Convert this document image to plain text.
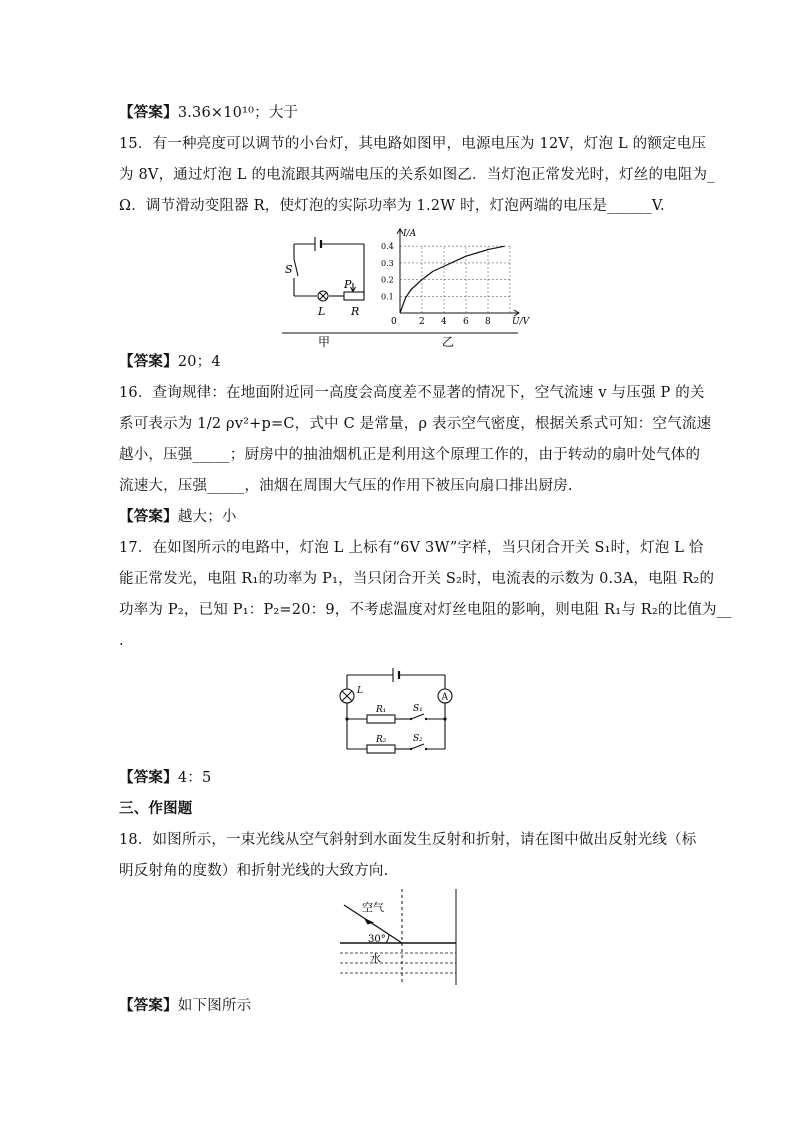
【答案】3.36×10¹⁰；大于
15．有一种亮度可以调节的小台灯，其电路如图甲，电源电压为 12V，灯泡 L 的额定电压
为 8V，通过灯泡 L 的电流跟其两端电压的关系如图乙．当灯泡正常发光时，灯丝的电阻为_
Ω．调节滑动变阻器 R，使灯泡的实际功率为 1.2W 时，灯泡两端的电压是______V.
S
L
P
R
2 4 6 8
0.1
0.2
0.3
0.4
0	U/V
I/A
甲	乙
【答案】20；4
16．查询规律：在地面附近同一高度会高度差不显著的情况下，空气流速 v 与压强 P 的关
系可表示为 1/2 ρv²+p=C，式中 C 是常量，ρ 表示空气密度，根据关系式可知：空气流速
越小，压强_____；厨房中的抽油烟机正是利用这个原理工作的，由于转动的扇叶处气体的
流速大，压强_____，油烟在周围大气压的作用下被压向扇口排出厨房.
【答案】越大；小
17．在如图所示的电路中，灯泡 L 上标有“6V 3W”字样，当只闭合开关 S₁时，灯泡 L 恰
能正常发光，电阻 R₁的功率为 P₁，当只闭合开关 S₂时，电流表的示数为 0.3A，电阻 R₂的
功率为 P₂，已知 P₁：P₂=20：9，不考虑温度对灯丝电阻的影响，则电阻 R₁与 R₂的比值为__
.
L
A
R₁	S₁
R₂	S₂
【答案】4：5
三、作图题
18．如图所示，一束光线从空气斜射到水面发生反射和折射，请在图中做出反射光线（标
明反射角的度数）和折射光线的大致方向.
空气
30°
水
【答案】如下图所示
